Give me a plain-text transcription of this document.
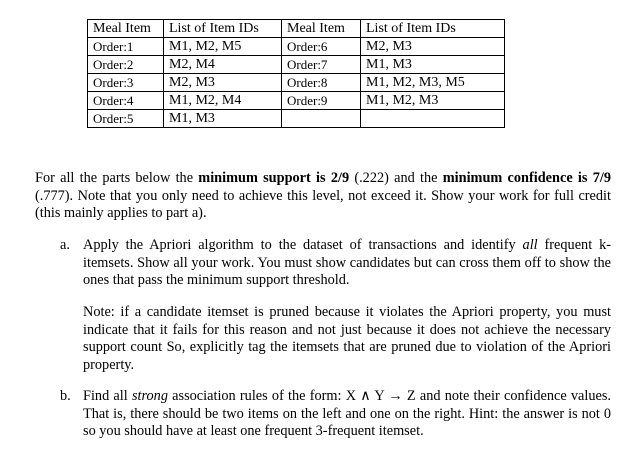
Meal Item	List of Item IDs	Meal Item	List of Item IDs
Order:1	M1, M2, M5	Order:6	M2, M3
Order:2	M2, M4	Order:7	M1, M3
Order:3	M2, M3	Order:8	M1, M2, M3, M5
Order:4	M1, M2, M4	Order:9	M1, M2, M3
Order:5	M1, M3		

For all the parts below the minimum support is 2/9 (.222) and the minimum confidence is 7/9 (.777). Note that you only need to achieve this level, not exceed it. Show your work for full credit (this mainly applies to part a).

a. Apply the Apriori algorithm to the dataset of transactions and identify all frequent k-itemsets. Show all your work. You must show candidates but can cross them off to show the ones that pass the minimum support threshold.

Note: if a candidate itemset is pruned because it violates the Apriori property, you must indicate that it fails for this reason and not just because it does not achieve the necessary support count So, explicitly tag the itemsets that are pruned due to violation of the Apriori property.

b. Find all strong association rules of the form: X ∧ Y → Z and note their confidence values. That is, there should be two items on the left and one on the right. Hint: the answer is not 0 so you should have at least one frequent 3-frequent itemset.
